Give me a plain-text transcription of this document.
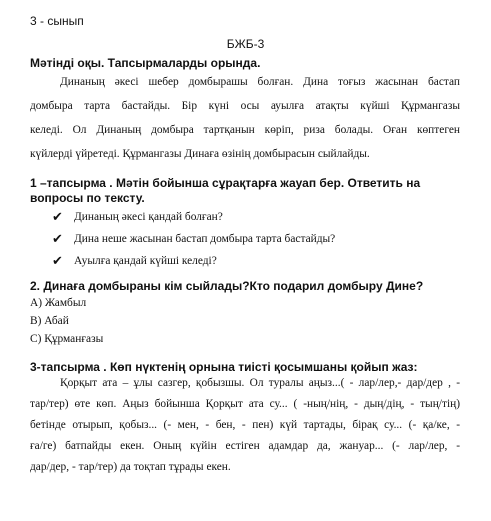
3 - сынып
БЖБ-3
Мәтінді оқы. Тапсырмаларды орында.
Динаның әкесі шебер домбырашы болған. Дина тоғыз жасынан бастап
домбыра тарта бастайды. Бір күні осы ауылға атақты күйші Құрмангазы
келеді. Ол Динаның домбыра тартқанын көріп, риза болады. Оған көптеген
күйлерді үйретеді. Құрмангазы Динаға өзінің домбырасын сыйлайды.
1 –тапсырма . Мәтін бойынша сұрақтарға жауап бер. Ответить на вопросы по тексту.
✔ Динаның әкесі қандай болған?
✔ Дина неше жасынан бастап домбыра тарта бастайды?
✔ Ауылға қандай күйші келеді?
2. Динаға домбыраны кім сыйлады?Кто подарил домбыру Дине?
А) Жамбыл
В) Абай
С) Құрманғазы
3-тапсырма . Көп нүктенің орнына тиісті қосымшаны қойып жаз:
Қорқыт ата – ұлы сазгер, қобызшы. Ол туралы аңыз...( - лар/лер,- дар/дер , -
тар/тер) өте көп. Аңыз бойынша Қорқыт ата су... ( -ның/нің, - дың/дің, - тың/тің)
бетінде отырып, қобыз... (- мен, - бен, - пен) күй тартады, бірақ су... (- қа/ке, -
ға/ге) батпайды екен. Оның күйін естіген адамдар да, жануар... (- лар/лер, -
дар/дер, - тар/тер) да тоқтап тұрады екен.
